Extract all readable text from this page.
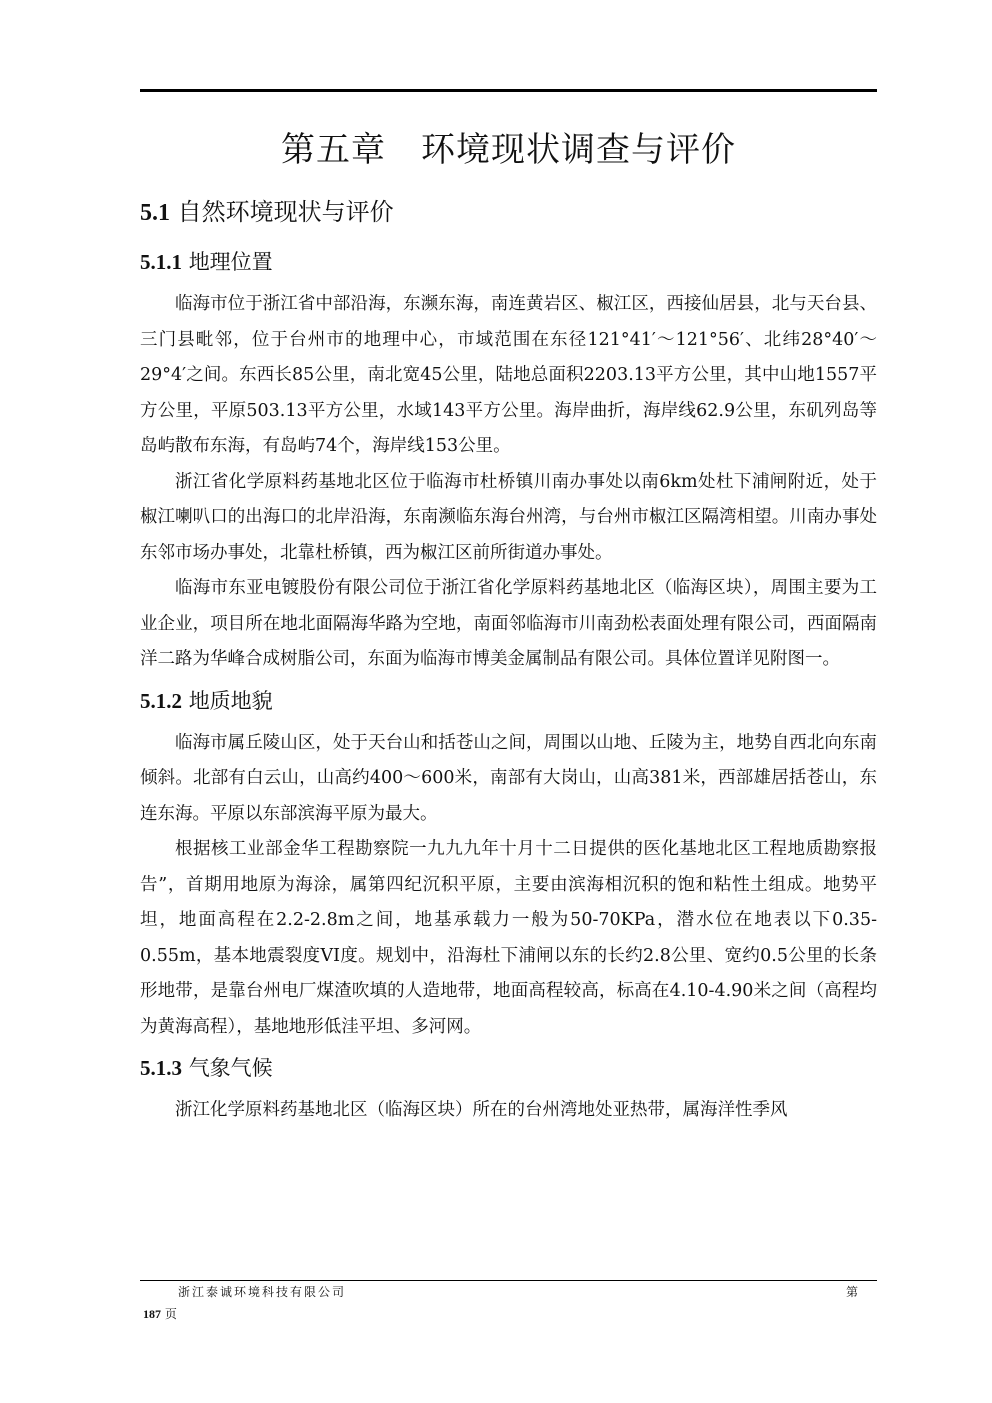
第五章　环境现状调查与评价
5.1 自然环境现状与评价
5.1.1 地理位置

临海市位于浙江省中部沿海，东濒东海，南连黄岩区、椒江区，西接仙居县，北与天台县、三门县毗邻，位于台州市的地理中心，市域范围在东径121°41′～121°56′、北纬28°40′～29°4′之间。东西长85公里，南北宽45公里，陆地总面积2203.13平方公里，其中山地1557平方公里，平原503.13平方公里，水域143平方公里。海岸曲折，海岸线62.9公里，东矶列岛等岛屿散布东海，有岛屿74个，海岸线153公里。

浙江省化学原料药基地北区位于临海市杜桥镇川南办事处以南6km处杜下浦闸附近，处于椒江喇叭口的出海口的北岸沿海，东南濒临东海台州湾，与台州市椒江区隔湾相望。川南办事处东邻市场办事处，北靠杜桥镇，西为椒江区前所街道办事处。

临海市东亚电镀股份有限公司位于浙江省化学原料药基地北区（临海区块），周围主要为工业企业，项目所在地北面隔海华路为空地，南面邻临海市川南劲松表面处理有限公司，西面隔南洋二路为华峰合成树脂公司，东面为临海市博美金属制品有限公司。具体位置详见附图一。

5.1.2 地质地貌

临海市属丘陵山区，处于天台山和括苍山之间，周围以山地、丘陵为主，地势自西北向东南倾斜。北部有白云山，山高约400～600米，南部有大岗山，山高381米，西部雄居括苍山，东连东海。平原以东部滨海平原为最大。

根据核工业部金华工程勘察院一九九九年十月十二日提供的医化基地北区工程地质勘察报告”，首期用地原为海涂，属第四纪沉积平原，主要由滨海相沉积的饱和粘性土组成。地势平坦，地面高程在2.2-2.8m之间，地基承载力一般为50-70KPa，潜水位在地表以下0.35-0.55m，基本地震裂度VI度。规划中，沿海杜下浦闸以东的长约2.8公里、宽约0.5公里的长条形地带，是靠台州电厂煤渣吹填的人造地带，地面高程较高，标高在4.10-4.90米之间（高程均为黄海高程），基地地形低洼平坦、多河网。

5.1.3 气象气候

浙江化学原料药基地北区（临海区块）所在的台州湾地处亚热带，属海洋性季风

浙江泰诚环境科技有限公司	第
187 页
